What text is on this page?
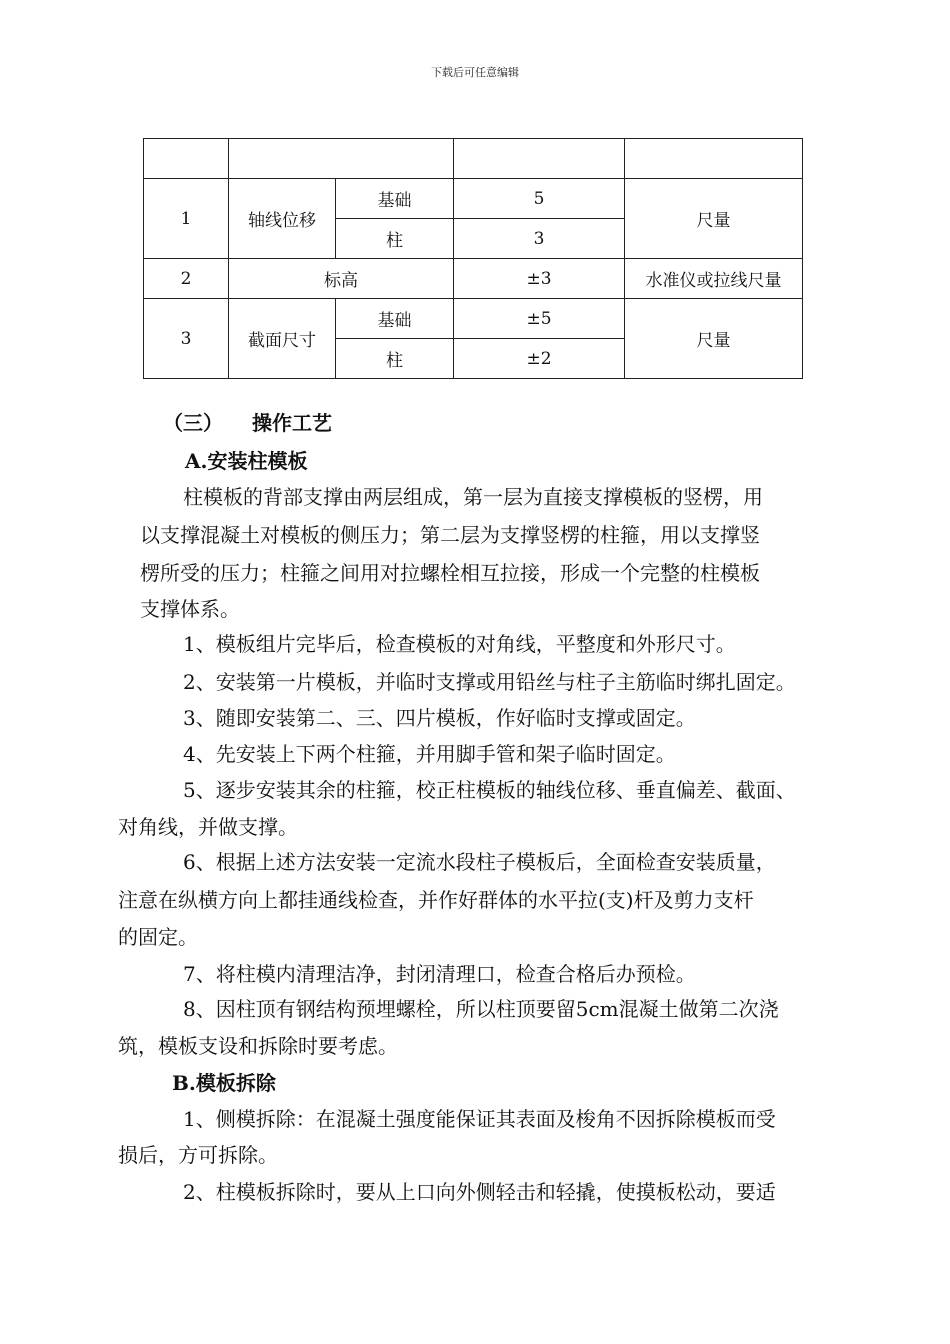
下载后可任意编辑

1	轴线位移	基础	5	尺量
		柱	3	
2	标高		±3	水准仪或拉线尺量
3	截面尺寸	基础	±5	尺量
		柱	±2	
（三） 操作工艺
A.安装柱模板
柱模板的背部支撑由两层组成，第一层为直接支撑模板的竖楞，用
以支撑混凝土对模板的侧压力；第二层为支撑竖楞的柱箍，用以支撑竖
楞所受的压力；柱箍之间用对拉螺栓相互拉接，形成一个完整的柱模板
支撑体系。
1、模板组片完毕后，检查模板的对角线，平整度和外形尺寸。
2、安装第一片模板，并临时支撑或用铅丝与柱子主筋临时绑扎固定。
3、随即安装第二、三、四片模板，作好临时支撑或固定。
4、先安装上下两个柱箍，并用脚手管和架子临时固定。
5、逐步安装其余的柱箍，校正柱模板的轴线位移、垂直偏差、截面、
对角线，并做支撑。
6、根据上述方法安装一定流水段柱子模板后，全面检查安装质量，
注意在纵横方向上都挂通线检查，并作好群体的水平拉(支)杆及剪力支杆
的固定。
7、将柱模内清理洁净，封闭清理口，检查合格后办预检。
8、因柱顶有钢结构预埋螺栓，所以柱顶要留5cm混凝土做第二次浇
筑，模板支设和拆除时要考虑。
B.模板拆除
1、侧模拆除：在混凝土强度能保证其表面及梭角不因拆除模板而受
损后，方可拆除。
2、柱模板拆除时，要从上口向外侧轻击和轻撬，使摸板松动，要适
